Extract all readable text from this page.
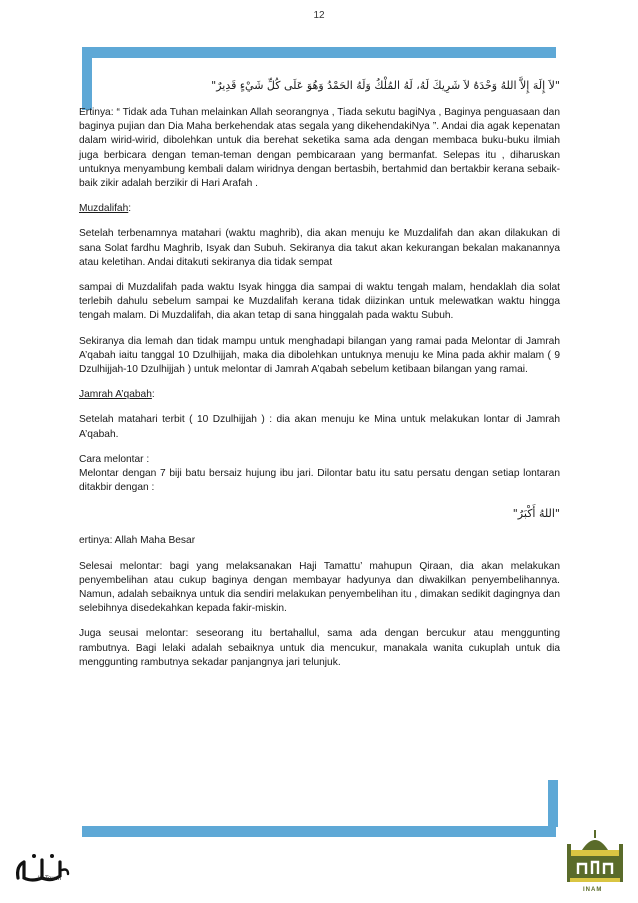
12

"لاَ إِلَهَ إِلاَّ اللهُ وَحْدَهُ لاَ شَرِيكَ لَهُ، لَهُ المُلْكُ وَلَهُ الحَمْدُ وَهُوَ عَلَى كُلِّ شَيْءٍ قَدِيرٌ"

Ertinya: “ Tidak ada Tuhan melainkan Allah seorangnya , Tiada sekutu bagiNya , Baginya penguasaan dan baginya pujian dan Dia Maha berkehendak atas segala yang dikehendakiNya ”. Andai dia agak kepenatan dalam wirid-wirid, dibolehkan untuk dia berehat seketika sama ada dengan membaca buku-buku ilmiah juga berbicara dengan teman-teman dengan pembicaraan yang bermanfat. Selepas itu , diharuskan untuknya menyambung kembali dalam wiridnya dengan bertasbih, bertahmid dan bertakbir kerana sebaik-baik zikir adalah berzikir di Hari Arafah .

Muzdalifah:

Setelah terbenamnya matahari (waktu maghrib), dia akan menuju ke Muzdalifah dan akan dilakukan di sana Solat fardhu Maghrib, Isyak dan Subuh. Sekiranya dia takut akan kekurangan bekalan makanannya atau keletihan. Andai ditakuti sekiranya dia tidak sempat

sampai di Muzdalifah pada waktu Isyak hingga dia sampai di waktu tengah malam, hendaklah dia solat terlebih dahulu sebelum sampai ke Muzdalifah kerana tidak diizinkan untuk melewatkan waktu hingga tengah malam. Di Muzdalifah, dia akan tetap di sana hinggalah pada waktu Subuh.

Sekiranya dia lemah dan tidak mampu untuk menghadapi bilangan yang ramai pada Melontar di Jamrah A’qabah iaitu tanggal 10 Dzulhijjah, maka dia dibolehkan untuknya menuju ke Mina pada akhir malam ( 9 Dzulhijjah-10 Dzulhijjah ) untuk melontar di Jamrah A’qabah sebelum ketibaan bilangan yang ramai.

Jamrah A’qabah:

Setelah matahari terbit ( 10 Dzulhijjah ) : dia akan menuju ke Mina untuk melakukan lontar di Jamrah A’qabah.

Cara melontar :

Melontar dengan 7 biji batu bersaiz hujung ibu jari. Dilontar batu itu satu persatu dengan setiap lontaran ditakbir dengan :

"اللهُ أَكْبَرُ"

ertinya: Allah Maha Besar

Selesai melontar: bagi yang melaksanakan Haji Tamattu’ mahupun Qiraan, dia akan melakukan penyembelihan atau cukup baginya dengan membayar hadyunya dan diwakilkan penyembelihannya. Namun, adalah sebaiknya untuk dia sendiri melakukan penyembelihan itu , dimakan sedikit dagingnya dan selebihnya disedekahkan kepada fakir-miskin.

Juga seusai melontar: seseorang itu bertahallul, sama ada dengan bercukur atau menggunting rambutnya. Bagi lelaki adalah sebaiknya untuk dia mencukur, manakala wanita cukuplah untuk dia menggunting rambutnya sekadar panjangnya jari telunjuk.

In-Touch
INAM
